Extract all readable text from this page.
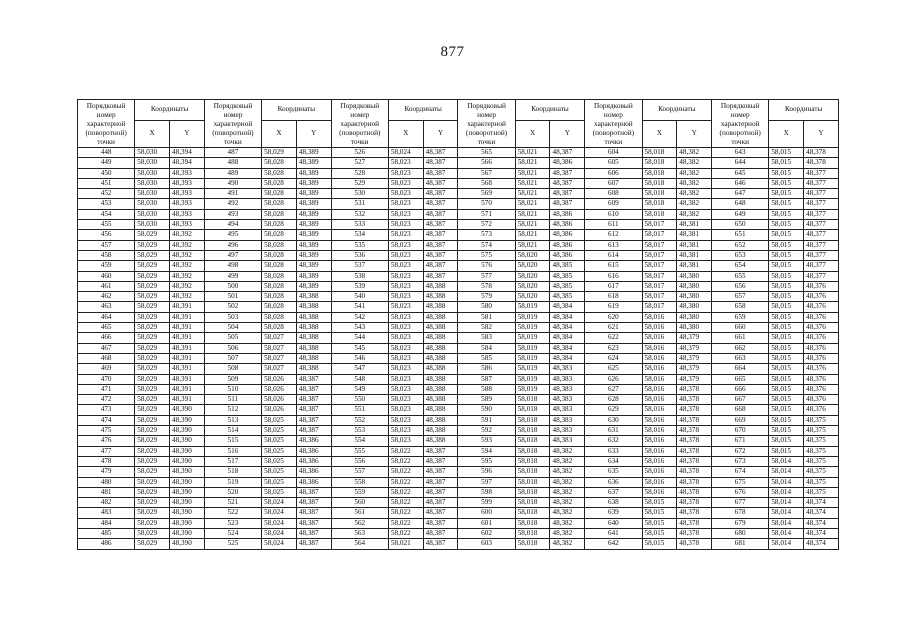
877
Порядковый номер характерной (поворотной) точки	Координаты		Порядковый номер характерной (поворотной) точки	Координаты		Порядковый номер характерной (поворотной) точки	Координаты		Порядковый номер характерной (поворотной) точки	Координаты		Порядковый номер характерной (поворотной) точки	Координаты		Порядковый номер характерной (поворотной) точки	Координаты	
	X	Y		X	Y		X	Y		X	Y		X	Y		X	Y
448	58,030	48,394	487	58,029	48,389	526	58,024	48,387	565	58,021	48,387	604	58,018	48,382	643	58,015	48,378
449	58,030	48,394	488	58,028	48,389	527	58,023	48,387	566	58,021	48,386	605	58,018	48,382	644	58,015	48,378
450	58,030	48,393	489	58,028	48,389	528	58,023	48,387	567	58,021	48,387	606	58,018	48,382	645	58,015	48,377
451	58,030	48,393	490	58,028	48,389	529	58,023	48,387	568	58,021	48,387	607	58,018	48,382	646	58,015	48,377
452	58,030	48,393	491	58,028	48,389	530	58,023	48,387	569	58,021	48,387	608	58,018	48,382	647	58,015	48,377
453	58,030	48,393	492	58,028	48,389	531	58,023	48,387	570	58,021	48,387	609	58,018	48,382	648	58,015	48,377
454	58,030	48,393	493	58,028	48,389	532	58,023	48,387	571	58,021	48,386	610	58,018	48,382	649	58,015	48,377
455	58,030	48,393	494	58,028	48,389	533	58,023	48,387	572	58,021	48,386	611	58,017	48,381	650	58,015	48,377
456	58,029	48,392	495	58,028	48,389	534	58,023	48,387	573	58,021	48,386	612	58,017	48,381	651	58,015	48,377
457	58,029	48,392	496	58,028	48,389	535	58,023	48,387	574	58,021	48,386	613	58,017	48,381	652	58,015	48,377
458	58,029	48,392	497	58,028	48,389	536	58,023	48,387	575	58,020	48,386	614	58,017	48,381	653	58,015	48,377
459	58,029	48,392	498	58,028	48,389	537	58,023	48,387	576	58,020	48,385	615	58,017	48,381	654	58,015	48,377
460	58,029	48,392	499	58,028	48,389	538	58,023	48,387	577	58,020	48,385	616	58,017	48,380	655	58,015	48,377
461	58,029	48,392	500	58,028	48,389	539	58,023	48,388	578	58,020	48,385	617	58,017	48,380	656	58,015	48,376
462	58,029	48,392	501	58,028	48,388	540	58,023	48,388	579	58,020	48,385	618	58,017	48,380	657	58,015	48,376
463	58,029	48,391	502	58,028	48,388	541	58,023	48,388	580	58,019	48,384	619	58,017	48,380	658	58,015	48,376
464	58,029	48,391	503	58,028	48,388	542	58,023	48,388	581	58,019	48,384	620	58,016	48,380	659	58,015	48,376
465	58,029	48,391	504	58,028	48,388	543	58,023	48,388	582	58,019	48,384	621	58,016	48,380	660	58,015	48,376
466	58,029	48,391	505	58,027	48,388	544	58,023	48,388	583	58,019	48,384	622	58,016	48,379	661	58,015	48,376
467	58,029	48,391	506	58,027	48,388	545	58,023	48,388	584	58,019	48,384	623	58,016	48,379	662	58,015	48,376
468	58,029	48,391	507	58,027	48,388	546	58,023	48,388	585	58,019	48,384	624	58,016	48,379	663	58,015	48,376
469	58,029	48,391	508	58,027	48,388	547	58,023	48,388	586	58,019	48,383	625	58,016	48,379	664	58,015	48,376
470	58,029	48,391	509	58,026	48,387	548	58,023	48,388	587	58,019	48,383	626	58,016	48,379	665	58,015	48,376
471	58,029	48,391	510	58,026	48,387	549	58,023	48,388	588	58,019	48,383	627	58,016	48,378	666	58,015	48,376
472	58,029	48,391	511	58,026	48,387	550	58,023	48,388	589	58,018	48,383	628	58,016	48,378	667	58,015	48,376
473	58,029	48,390	512	58,026	48,387	551	58,023	48,388	590	58,018	48,383	629	58,016	48,378	668	58,015	48,376
474	58,029	48,390	513	58,025	48,387	552	58,023	48,388	591	58,018	48,383	630	58,016	48,378	669	58,015	48,375
475	58,029	48,390	514	58,025	48,387	553	58,023	48,388	592	58,018	48,383	631	58,016	48,378	670	58,015	48,375
476	58,029	48,390	515	58,025	48,386	554	58,023	48,388	593	58,018	48,383	632	58,016	48,378	671	58,015	48,375
477	58,029	48,390	516	58,025	48,386	555	58,022	48,387	594	58,018	48,382	633	58,016	48,378	672	58,015	48,375
478	58,029	48,390	517	58,025	48,386	556	58,022	48,387	595	58,018	48,382	634	58,016	48,378	673	58,014	48,375
479	58,029	48,390	518	58,025	48,386	557	58,022	48,387	596	58,018	48,382	635	58,016	48,378	674	58,014	48,375
480	58,029	48,390	519	58,025	48,386	558	58,022	48,387	597	58,018	48,382	636	58,016	48,378	675	58,014	48,375
481	58,029	48,390	520	58,025	48,387	559	58,022	48,387	598	58,018	48,382	637	58,016	48,378	676	58,014	48,375
482	58,029	48,390	521	58,024	48,387	560	58,022	48,387	599	58,018	48,382	638	58,015	48,378	677	58,014	48,374
483	58,029	48,390	522	58,024	48,387	561	58,022	48,387	600	58,018	48,382	639	58,015	48,378	678	58,014	48,374
484	58,029	48,390	523	58,024	48,387	562	58,022	48,387	601	58,018	48,382	640	58,015	48,378	679	58,014	48,374
485	58,029	48,390	524	58,024	48,387	563	58,022	48,387	602	58,018	48,382	641	58,015	48,378	680	58,014	48,374
486	58,029	48,390	525	58,024	48,387	564	58,021	48,387	603	58,018	48,382	642	58,015	48,378	681	58,014	48,374
